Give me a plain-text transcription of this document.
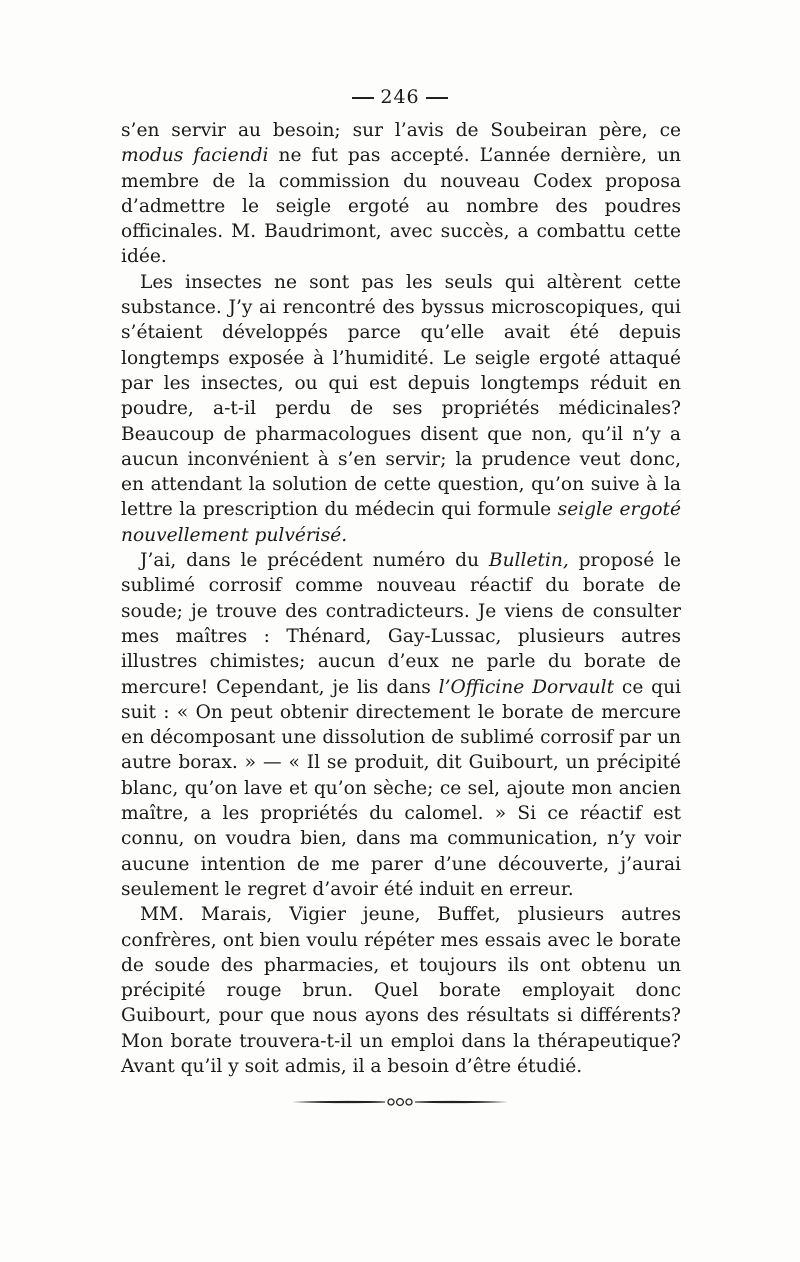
246

s’en servir au besoin; sur l’avis de Soubeiran père, ce modus faciendi ne fut pas accepté. L’année dernière, un membre de la commission du nouveau Codex proposa d’admettre le seigle ergoté au nombre des poudres officinales. M. Baudrimont, avec succès, a combattu cette idée.

Les insectes ne sont pas les seuls qui altèrent cette substance. J’y ai rencontré des byssus microscopiques, qui s’étaient développés parce qu’elle avait été depuis longtemps exposée à l’humidité. Le seigle ergoté attaqué par les insectes, ou qui est depuis longtemps réduit en poudre, a-t-il perdu de ses propriétés médicinales? Beaucoup de pharmacologues disent que non, qu’il n’y a aucun inconvénient à s’en servir; la prudence veut donc, en attendant la solution de cette question, qu’on suive à la lettre la prescription du médecin qui formule seigle ergoté nouvellement pulvérisé.

J’ai, dans le précédent numéro du Bulletin, proposé le sublimé corrosif comme nouveau réactif du borate de soude; je trouve des contradicteurs. Je viens de consulter mes maîtres : Thénard, Gay-Lussac, plusieurs autres illustres chimistes; aucun d’eux ne parle du borate de mercure! Cependant, je lis dans l’Officine Dorvault ce qui suit : « On peut obtenir directement le borate de mercure en décomposant une dissolution de sublimé corrosif par un autre borax. » — « Il se produit, dit Guibourt, un précipité blanc, qu’on lave et qu’on sèche; ce sel, ajoute mon ancien maître, a les propriétés du calomel. » Si ce réactif est connu, on voudra bien, dans ma communication, n’y voir aucune intention de me parer d’une découverte, j’aurai seulement le regret d’avoir été induit en erreur.

MM. Marais, Vigier jeune, Buffet, plusieurs autres confrères, ont bien voulu répéter mes essais avec le borate de soude des pharmacies, et toujours ils ont obtenu un précipité rouge brun. Quel borate employait donc Guibourt, pour que nous ayons des résultats si différents? Mon borate trouvera-t-il un emploi dans la thérapeutique? Avant qu’il y soit admis, il a besoin d’être étudié.
